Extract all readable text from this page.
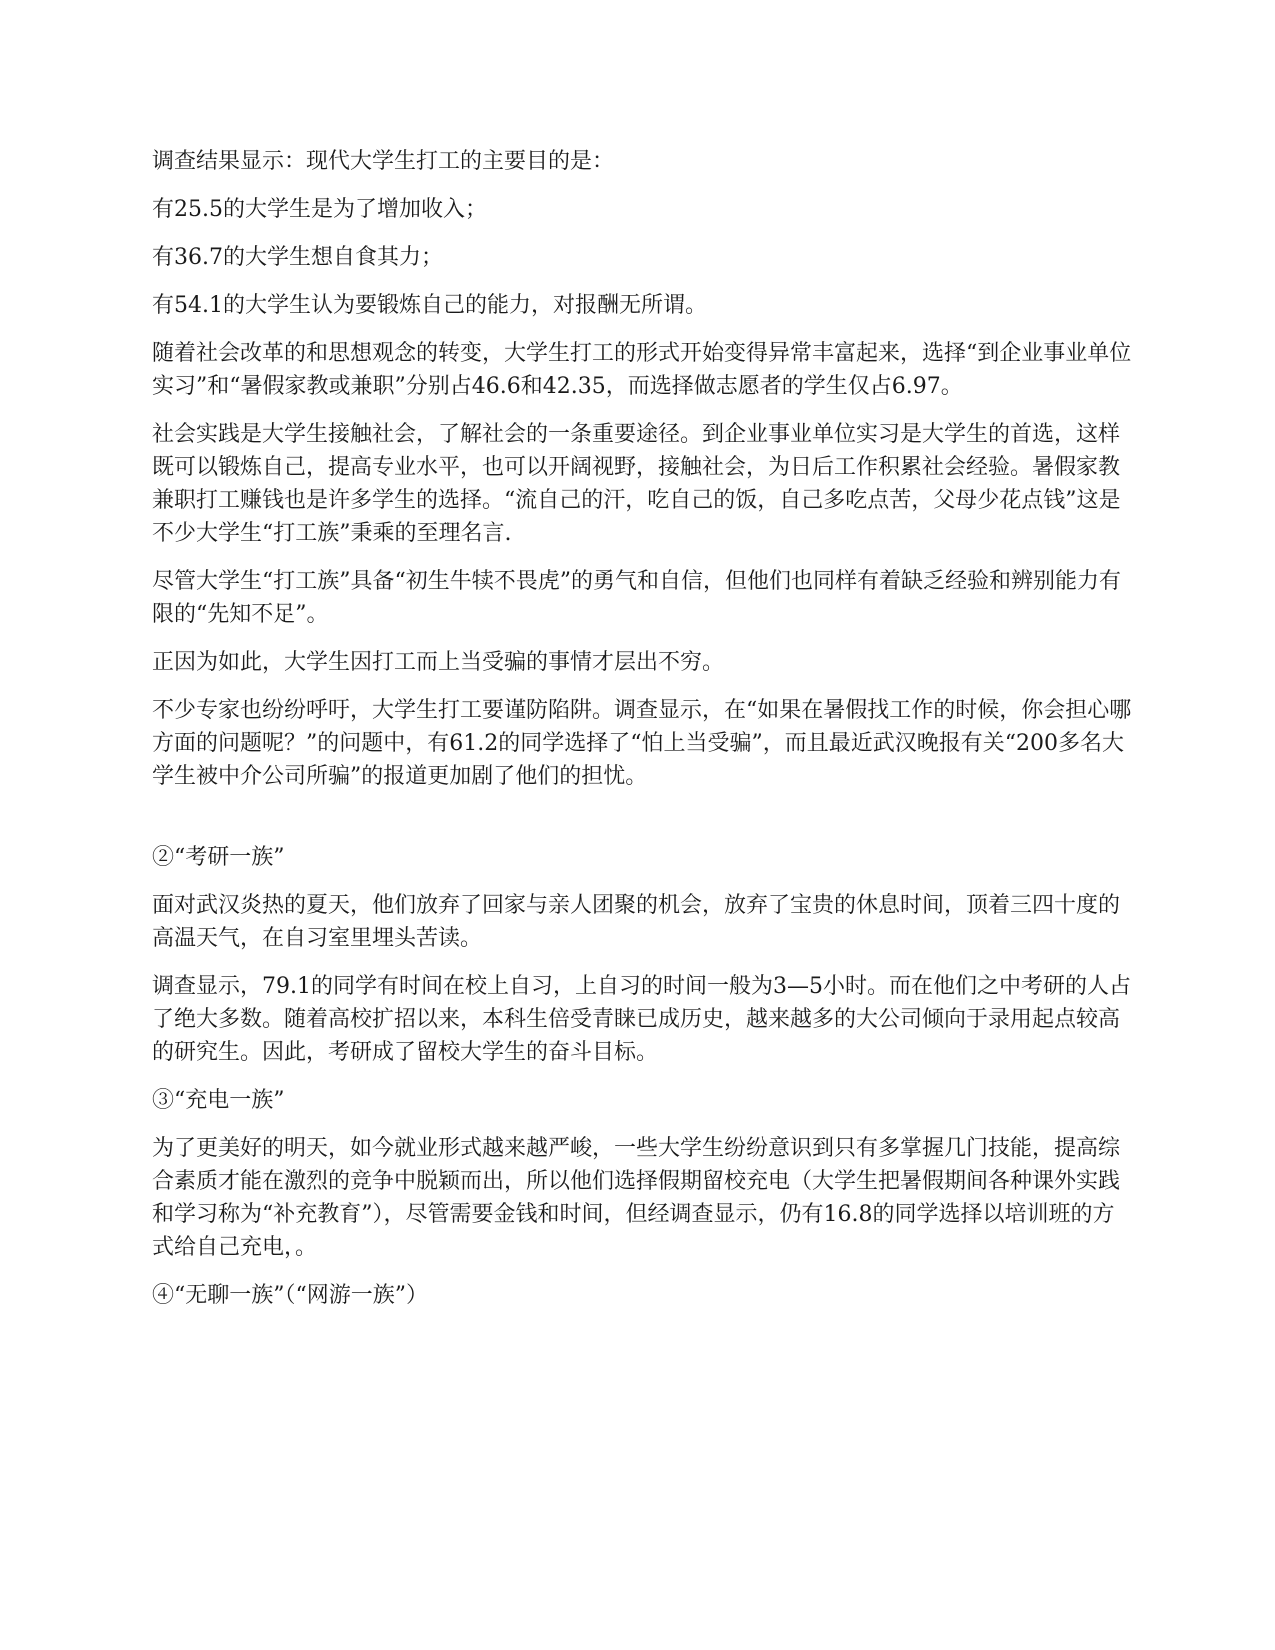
调查结果显示：现代大学生打工的主要目的是：

有25.5的大学生是为了增加收入；

有36.7的大学生想自食其力；

有54.1的大学生认为要锻炼自己的能力，对报酬无所谓。

随着社会改革的和思想观念的转变，大学生打工的形式开始变得异常丰富起来，选择“到企业事业单位实习”和“暑假家教或兼职”分别占46.6和42.35，而选择做志愿者的学生仅占6.97。

社会实践是大学生接触社会，了解社会的一条重要途径。到企业事业单位实习是大学生的首选，这样既可以锻炼自己，提高专业水平，也可以开阔视野，接触社会，为日后工作积累社会经验。暑假家教兼职打工赚钱也是许多学生的选择。“流自己的汗，吃自己的饭，自己多吃点苦，父母少花点钱”这是不少大学生“打工族”秉乘的至理名言.

尽管大学生“打工族”具备“初生牛犊不畏虎”的勇气和自信，但他们也同样有着缺乏经验和辨别能力有限的“先知不足”。

正因为如此，大学生因打工而上当受骗的事情才层出不穷。

不少专家也纷纷呼吁，大学生打工要谨防陷阱。调查显示，在“如果在暑假找工作的时候，你会担心哪方面的问题呢？”的问题中，有61.2的同学选择了“怕上当受骗”，而且最近武汉晚报有关“200多名大学生被中介公司所骗”的报道更加剧了他们的担忧。

②“考研一族”

面对武汉炎热的夏天，他们放弃了回家与亲人团聚的机会，放弃了宝贵的休息时间，顶着三四十度的高温天气，在自习室里埋头苦读。

调查显示，79.1的同学有时间在校上自习，上自习的时间一般为3—5小时。而在他们之中考研的人占了绝大多数。随着高校扩招以来，本科生倍受青睐已成历史，越来越多的大公司倾向于录用起点较高的研究生。因此，考研成了留校大学生的奋斗目标。

③“充电一族”

为了更美好的明天，如今就业形式越来越严峻，一些大学生纷纷意识到只有多掌握几门技能，提高综合素质才能在激烈的竞争中脱颖而出，所以他们选择假期留校充电（大学生把暑假期间各种课外实践和学习称为“补充教育”），尽管需要金钱和时间，但经调查显示，仍有16.8的同学选择以培训班的方式给自己充电，。

④“无聊一族”（“网游一族”）
